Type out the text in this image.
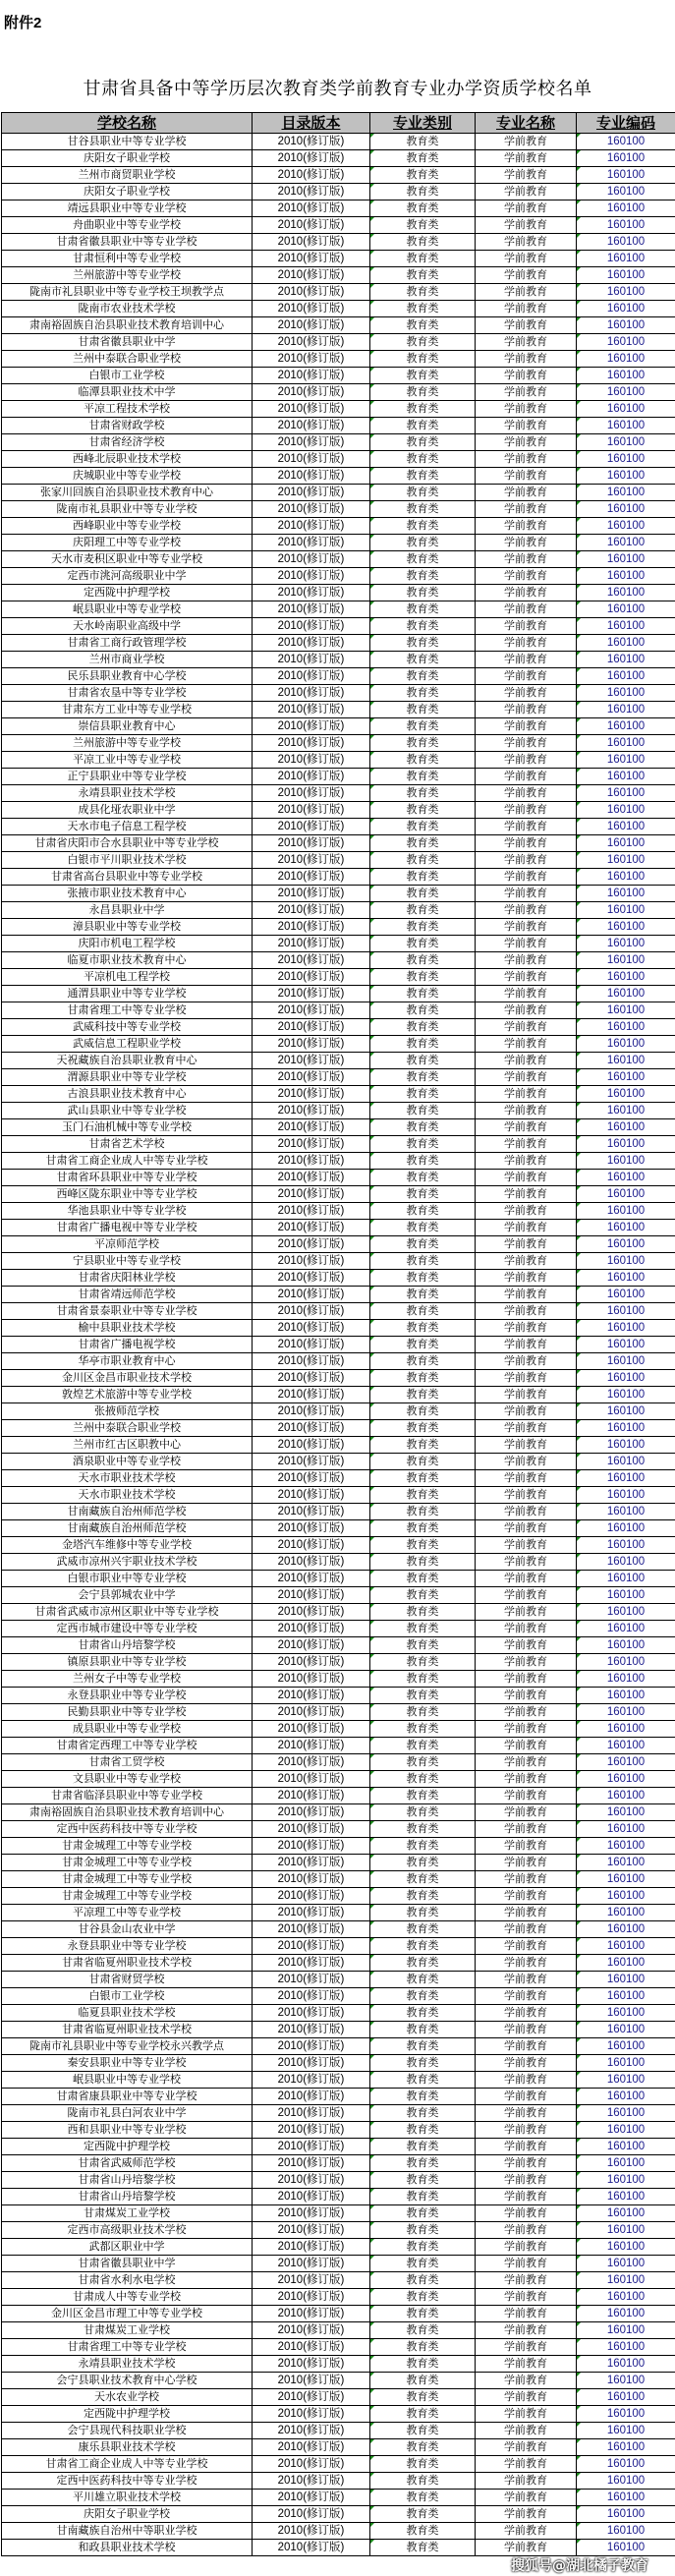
附件2
甘肃省具备中等学历层次教育类学前教育专业办学资质学校名单
学校名称	目录版本	专业类别	专业名称	专业编码
甘谷县职业中等专业学校	2010(修订版)	教育类	学前教育	160100
庆阳女子职业学校	2010(修订版)	教育类	学前教育	160100
兰州市商贸职业学校	2010(修订版)	教育类	学前教育	160100
庆阳女子职业学校	2010(修订版)	教育类	学前教育	160100
靖远县职业中等专业学校	2010(修订版)	教育类	学前教育	160100
舟曲职业中等专业学校	2010(修订版)	教育类	学前教育	160100
甘肃省徽县职业中等专业学校	2010(修订版)	教育类	学前教育	160100
甘肃恒利中等专业学校	2010(修订版)	教育类	学前教育	160100
兰州旅游中等专业学校	2010(修订版)	教育类	学前教育	160100
陇南市礼县职业中等专业学校王坝教学点	2010(修订版)	教育类	学前教育	160100
陇南市农业技术学校	2010(修订版)	教育类	学前教育	160100
肃南裕固族自治县职业技术教育培训中心	2010(修订版)	教育类	学前教育	160100
甘肃省徽县职业中学	2010(修订版)	教育类	学前教育	160100
兰州中泰联合职业学校	2010(修订版)	教育类	学前教育	160100
白银市工业学校	2010(修订版)	教育类	学前教育	160100
临潭县职业技术中学	2010(修订版)	教育类	学前教育	160100
平凉工程技术学校	2010(修订版)	教育类	学前教育	160100
甘肃省财政学校	2010(修订版)	教育类	学前教育	160100
甘肃省经济学校	2010(修订版)	教育类	学前教育	160100
西峰北辰职业技术学校	2010(修订版)	教育类	学前教育	160100
庆城职业中等专业学校	2010(修订版)	教育类	学前教育	160100
张家川回族自治县职业技术教育中心	2010(修订版)	教育类	学前教育	160100
陇南市礼县职业中等专业学校	2010(修订版)	教育类	学前教育	160100
西峰职业中等专业学校	2010(修订版)	教育类	学前教育	160100
庆阳理工中等专业学校	2010(修订版)	教育类	学前教育	160100
天水市麦积区职业中等专业学校	2010(修订版)	教育类	学前教育	160100
定西市洮河高级职业中学	2010(修订版)	教育类	学前教育	160100
定西陇中护理学校	2010(修订版)	教育类	学前教育	160100
岷县职业中等专业学校	2010(修订版)	教育类	学前教育	160100
天水岭南职业高级中学	2010(修订版)	教育类	学前教育	160100
甘肃省工商行政管理学校	2010(修订版)	教育类	学前教育	160100
兰州市商业学校	2010(修订版)	教育类	学前教育	160100
民乐县职业教育中心学校	2010(修订版)	教育类	学前教育	160100
甘肃省农垦中等专业学校	2010(修订版)	教育类	学前教育	160100
甘肃东方工业中等专业学校	2010(修订版)	教育类	学前教育	160100
崇信县职业教育中心	2010(修订版)	教育类	学前教育	160100
兰州旅游中等专业学校	2010(修订版)	教育类	学前教育	160100
平凉工业中等专业学校	2010(修订版)	教育类	学前教育	160100
正宁县职业中等专业学校	2010(修订版)	教育类	学前教育	160100
永靖县职业技术学校	2010(修订版)	教育类	学前教育	160100
成县化垭农职业中学	2010(修订版)	教育类	学前教育	160100
天水市电子信息工程学校	2010(修订版)	教育类	学前教育	160100
甘肃省庆阳市合水县职业中等专业学校	2010(修订版)	教育类	学前教育	160100
白银市平川职业技术学校	2010(修订版)	教育类	学前教育	160100
甘肃省高台县职业中等专业学校	2010(修订版)	教育类	学前教育	160100
张掖市职业技术教育中心	2010(修订版)	教育类	学前教育	160100
永昌县职业中学	2010(修订版)	教育类	学前教育	160100
漳县职业中等专业学校	2010(修订版)	教育类	学前教育	160100
庆阳市机电工程学校	2010(修订版)	教育类	学前教育	160100
临夏市职业技术教育中心	2010(修订版)	教育类	学前教育	160100
平凉机电工程学校	2010(修订版)	教育类	学前教育	160100
通渭县职业中等专业学校	2010(修订版)	教育类	学前教育	160100
甘肃省理工中等专业学校	2010(修订版)	教育类	学前教育	160100
武威科技中等专业学校	2010(修订版)	教育类	学前教育	160100
武威信息工程职业学校	2010(修订版)	教育类	学前教育	160100
天祝藏族自治县职业教育中心	2010(修订版)	教育类	学前教育	160100
渭源县职业中等专业学校	2010(修订版)	教育类	学前教育	160100
古浪县职业技术教育中心	2010(修订版)	教育类	学前教育	160100
武山县职业中等专业学校	2010(修订版)	教育类	学前教育	160100
玉门石油机械中等专业学校	2010(修订版)	教育类	学前教育	160100
甘肃省艺术学校	2010(修订版)	教育类	学前教育	160100
甘肃省工商企业成人中等专业学校	2010(修订版)	教育类	学前教育	160100
甘肃省环县职业中等专业学校	2010(修订版)	教育类	学前教育	160100
西峰区陇东职业中等专业学校	2010(修订版)	教育类	学前教育	160100
华池县职业中等专业学校	2010(修订版)	教育类	学前教育	160100
甘肃省广播电视中等专业学校	2010(修订版)	教育类	学前教育	160100
平凉师范学校	2010(修订版)	教育类	学前教育	160100
宁县职业中等专业学校	2010(修订版)	教育类	学前教育	160100
甘肃省庆阳林业学校	2010(修订版)	教育类	学前教育	160100
甘肃省靖远师范学校	2010(修订版)	教育类	学前教育	160100
甘肃省景泰职业中等专业学校	2010(修订版)	教育类	学前教育	160100
榆中县职业技术学校	2010(修订版)	教育类	学前教育	160100
甘肃省广播电视学校	2010(修订版)	教育类	学前教育	160100
华亭市职业教育中心	2010(修订版)	教育类	学前教育	160100
金川区金昌市职业技术学校	2010(修订版)	教育类	学前教育	160100
敦煌艺术旅游中等专业学校	2010(修订版)	教育类	学前教育	160100
张掖师范学校	2010(修订版)	教育类	学前教育	160100
兰州中泰联合职业学校	2010(修订版)	教育类	学前教育	160100
兰州市红古区职教中心	2010(修订版)	教育类	学前教育	160100
酒泉职业中等专业学校	2010(修订版)	教育类	学前教育	160100
天水市职业技术学校	2010(修订版)	教育类	学前教育	160100
天水市职业技术学校	2010(修订版)	教育类	学前教育	160100
甘南藏族自治州师范学校	2010(修订版)	教育类	学前教育	160100
甘南藏族自治州师范学校	2010(修订版)	教育类	学前教育	160100
金塔汽车维修中等专业学校	2010(修订版)	教育类	学前教育	160100
武威市凉州兴宇职业技术学校	2010(修订版)	教育类	学前教育	160100
白银市职业中等专业学校	2010(修订版)	教育类	学前教育	160100
会宁县郭城农业中学	2010(修订版)	教育类	学前教育	160100
甘肃省武威市凉州区职业中等专业学校	2010(修订版)	教育类	学前教育	160100
定西市城市建设中等专业学校	2010(修订版)	教育类	学前教育	160100
甘肃省山丹培黎学校	2010(修订版)	教育类	学前教育	160100
镇原县职业中等专业学校	2010(修订版)	教育类	学前教育	160100
兰州女子中等专业学校	2010(修订版)	教育类	学前教育	160100
永登县职业中等专业学校	2010(修订版)	教育类	学前教育	160100
民勤县职业中等专业学校	2010(修订版)	教育类	学前教育	160100
成县职业中等专业学校	2010(修订版)	教育类	学前教育	160100
甘肃省定西理工中等专业学校	2010(修订版)	教育类	学前教育	160100
甘肃省工贸学校	2010(修订版)	教育类	学前教育	160100
文县职业中等专业学校	2010(修订版)	教育类	学前教育	160100
甘肃省临泽县职业中等专业学校	2010(修订版)	教育类	学前教育	160100
肃南裕固族自治县职业技术教育培训中心	2010(修订版)	教育类	学前教育	160100
定西中医药科技中等专业学校	2010(修订版)	教育类	学前教育	160100
甘肃金城理工中等专业学校	2010(修订版)	教育类	学前教育	160100
甘肃金城理工中等专业学校	2010(修订版)	教育类	学前教育	160100
甘肃金城理工中等专业学校	2010(修订版)	教育类	学前教育	160100
甘肃金城理工中等专业学校	2010(修订版)	教育类	学前教育	160100
平凉理工中等专业学校	2010(修订版)	教育类	学前教育	160100
甘谷县金山农业中学	2010(修订版)	教育类	学前教育	160100
永登县职业中等专业学校	2010(修订版)	教育类	学前教育	160100
甘肃省临夏州职业技术学校	2010(修订版)	教育类	学前教育	160100
甘肃省财贸学校	2010(修订版)	教育类	学前教育	160100
白银市工业学校	2010(修订版)	教育类	学前教育	160100
临夏县职业技术学校	2010(修订版)	教育类	学前教育	160100
甘肃省临夏州职业技术学校	2010(修订版)	教育类	学前教育	160100
陇南市礼县职业中等专业学校永兴教学点	2010(修订版)	教育类	学前教育	160100
秦安县职业中等专业学校	2010(修订版)	教育类	学前教育	160100
岷县职业中等专业学校	2010(修订版)	教育类	学前教育	160100
甘肃省康县职业中等专业学校	2010(修订版)	教育类	学前教育	160100
陇南市礼县白河农业中学	2010(修订版)	教育类	学前教育	160100
西和县职业中等专业学校	2010(修订版)	教育类	学前教育	160100
定西陇中护理学校	2010(修订版)	教育类	学前教育	160100
甘肃省武威师范学校	2010(修订版)	教育类	学前教育	160100
甘肃省山丹培黎学校	2010(修订版)	教育类	学前教育	160100
甘肃省山丹培黎学校	2010(修订版)	教育类	学前教育	160100
甘肃煤炭工业学校	2010(修订版)	教育类	学前教育	160100
定西市高级职业技术学校	2010(修订版)	教育类	学前教育	160100
武都区职业中学	2010(修订版)	教育类	学前教育	160100
甘肃省徽县职业中学	2010(修订版)	教育类	学前教育	160100
甘肃省水利水电学校	2010(修订版)	教育类	学前教育	160100
甘肃成人中等专业学校	2010(修订版)	教育类	学前教育	160100
金川区金昌市理工中等专业学校	2010(修订版)	教育类	学前教育	160100
甘肃煤炭工业学校	2010(修订版)	教育类	学前教育	160100
甘肃省理工中等专业学校	2010(修订版)	教育类	学前教育	160100
永靖县职业技术学校	2010(修订版)	教育类	学前教育	160100
会宁县职业技术教育中心学校	2010(修订版)	教育类	学前教育	160100
天水农业学校	2010(修订版)	教育类	学前教育	160100
定西陇中护理学校	2010(修订版)	教育类	学前教育	160100
会宁县现代科技职业学校	2010(修订版)	教育类	学前教育	160100
康乐县职业技术学校	2010(修订版)	教育类	学前教育	160100
甘肃省工商企业成人中等专业学校	2010(修订版)	教育类	学前教育	160100
定西中医药科技中等专业学校	2010(修订版)	教育类	学前教育	160100
平川雄立职业技术学校	2010(修订版)	教育类	学前教育	160100
庆阳女子职业学校	2010(修订版)	教育类	学前教育	160100
甘南藏族自治州中等职业学校	2010(修订版)	教育类	学前教育	160100
和政县职业技术学校	2010(修订版)	教育类	学前教育	160100
搜狐号@湖北橘子教育
